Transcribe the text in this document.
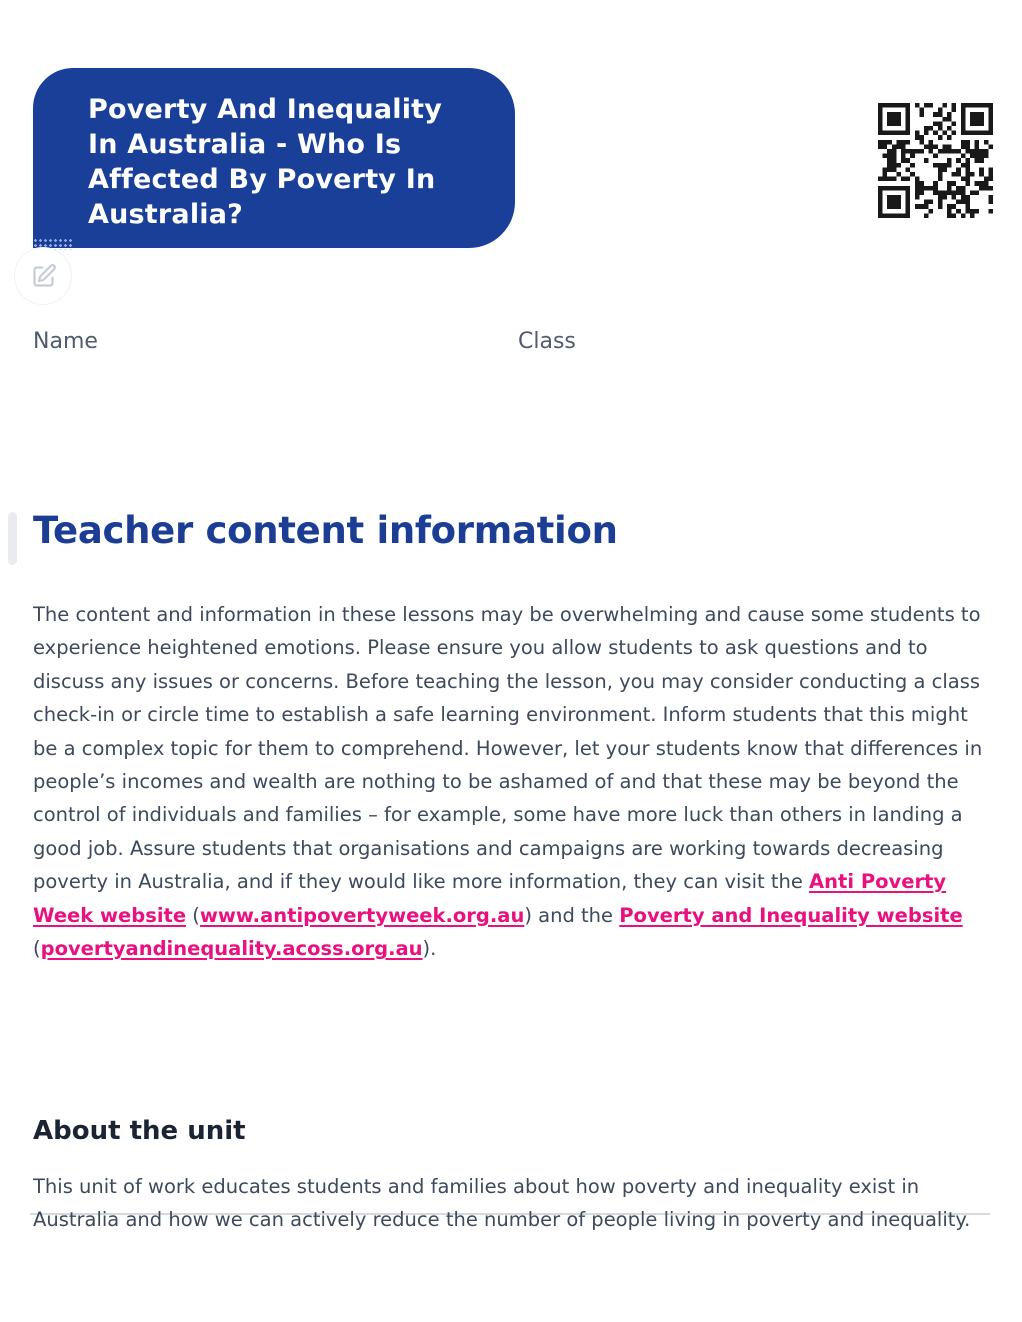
Poverty And Inequality In Australia - Who Is Affected By Poverty In Australia?
Name	Class
Teacher content information

The content and information in these lessons may be overwhelming and cause some students to experience heightened emotions. Please ensure you allow students to ask questions and to discuss any issues or concerns. Before teaching the lesson, you may consider conducting a class check-in or circle time to establish a safe learning environment. Inform students that this might be a complex topic for them to comprehend. However, let your students know that differences in people’s incomes and wealth are nothing to be ashamed of and that these may be beyond the control of individuals and families – for example, some have more luck than others in landing a good job. Assure students that organisations and campaigns are working towards decreasing poverty in Australia, and if they would like more information, they can visit the Anti Poverty Week website (www.antipovertyweek.org.au) and the Poverty and Inequality website (povertyandinequality.acoss.org.au).

About the unit

This unit of work educates students and families about how poverty and inequality exist in Australia and how we can actively reduce the number of people living in poverty and inequality.
